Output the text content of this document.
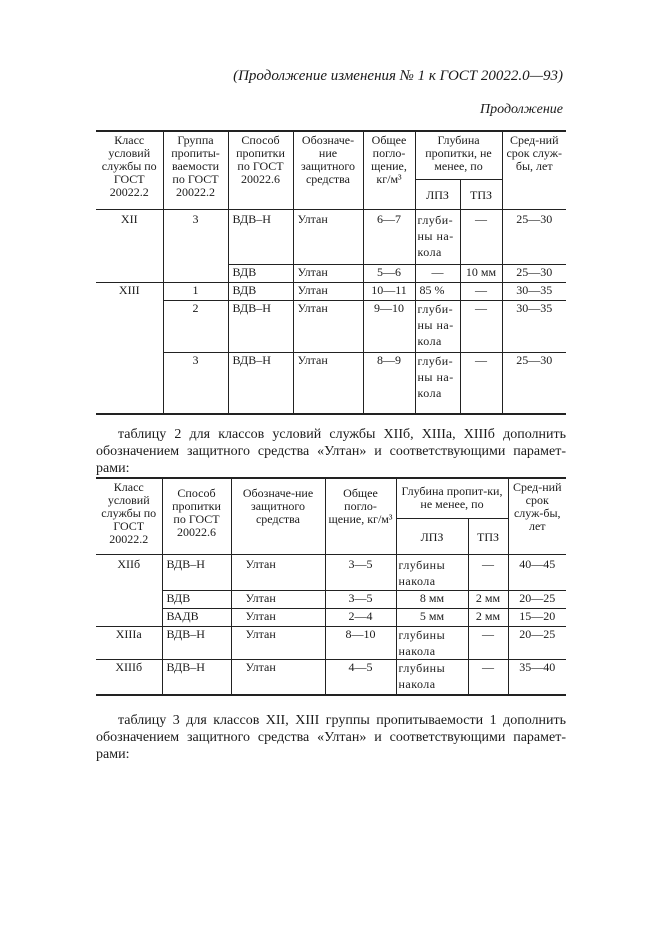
(Продолжение изменения № 1 к ГОСТ 20022.0—93)
Продолжение
Класс условий службы по ГОСТ 20022.2	Группа пропиты-ваемости по ГОСТ 20022.2	Способ пропитки по ГОСТ 20022.6	Обозначе-ние защитного средства	Общее погло-щение, кг/м³	Глубина пропитки, не менее, по		Сред-ний срок служ-бы, лет
					ЛПЗ	ТПЗ	
XII	3	ВДВ–Н	Ултан	6—7	глуби-ны на-кола	—	25—30
		ВДВ	Ултан	5—6	—	10 мм	25—30
XIII	1	ВДВ	Ултан	10—11	85 %	—	30—35
	2	ВДВ–Н	Ултан	9—10	глуби-ны на-кола	—	30—35
	3	ВДВ–Н	Ултан	8—9	глуби-ны на-кола	—	25—30
таблицу 2 для классов условий службы XIIб, XIIIа, XIIIб дополнить обозначением защитного средства «Ултан» и соответствующими парамет-рами:
Класс условий службы по ГОСТ 20022.2	Способ пропитки по ГОСТ 20022.6	Обозначе-ние защитного средства	Общее погло-щение, кг/м³	Глубина пропит-ки, не менее, по		Сред-ний срок служ-бы, лет
				ЛПЗ	ТПЗ	
XIIб	ВДВ–Н	Ултан	3—5	глубины накола	—	40—45
	ВДВ	Ултан	3—5	8 мм	2 мм	20—25
	ВАДВ	Ултан	2—4	5 мм	2 мм	15—20
XIIIа	ВДВ–Н	Ултан	8—10	глубины накола	—	20—25
XIIIб	ВДВ–Н	Ултан	4—5	глубины накола	—	35—40
таблицу 3 для классов XII, XIII группы пропитываемости 1 дополнить обозначением защитного средства «Ултан» и соответствующими парамет-рами:
